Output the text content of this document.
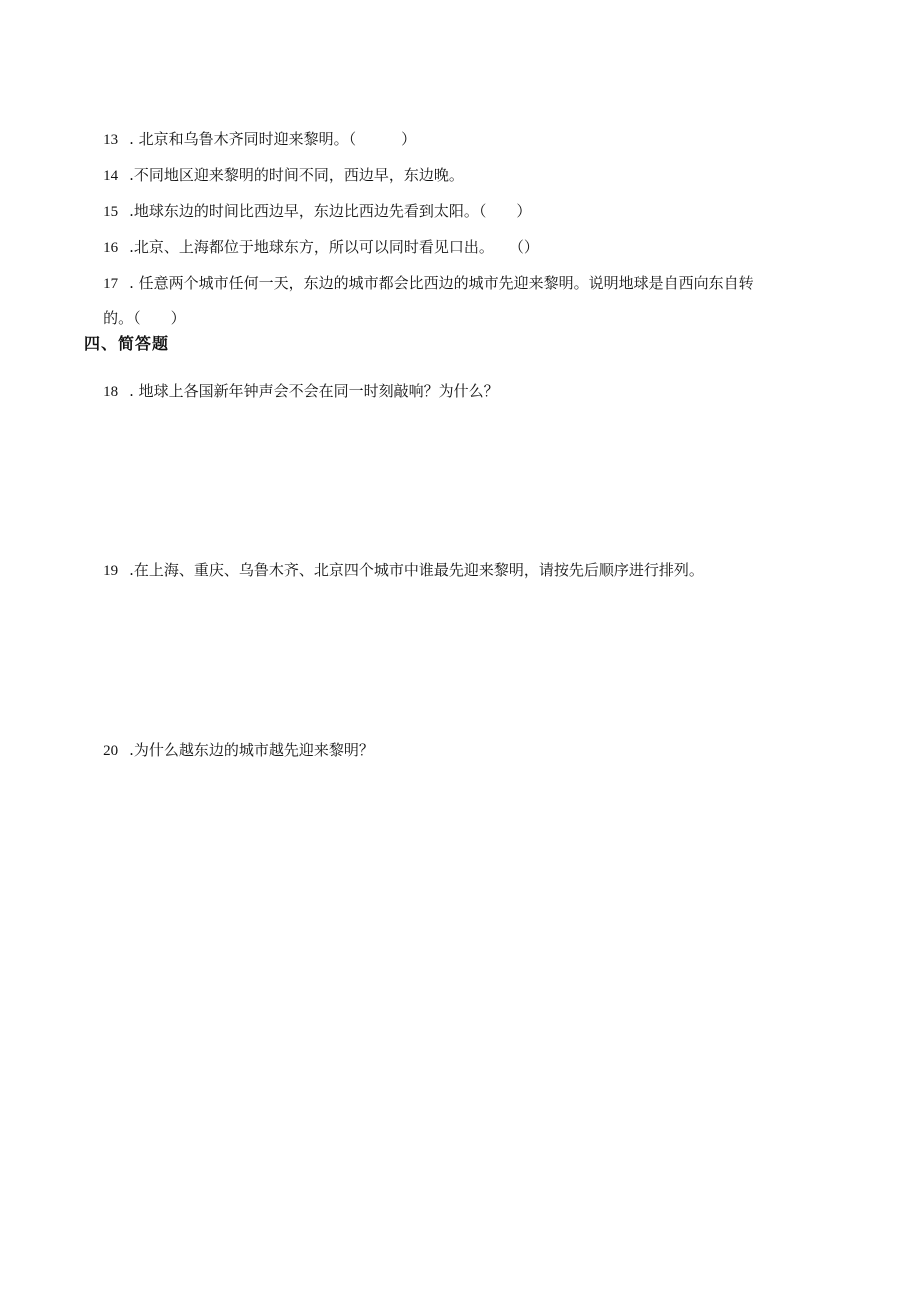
13 . 北京和乌鲁木齐同时迎来黎明。（　　　）

14 .不同地区迎来黎明的时间不同，西边早，东边晚。

15 .地球东边的时间比西边早，东边比西边先看到太阳。（　　）

16 .北京、上海都位于地球东方，所以可以同时看见口出。　　（）

17 . 任意两个城市任何一天，东边的城市都会比西边的城市先迎来黎明。说明地球是自西向东自转

的。（　　）

四、简答题

18 . 地球上各国新年钟声会不会在同一时刻敲响？为什么？

19 .在上海、重庆、乌鲁木齐、北京四个城市中谁最先迎来黎明，请按先后顺序进行排列。

20 .为什么越东边的城市越先迎来黎明？
